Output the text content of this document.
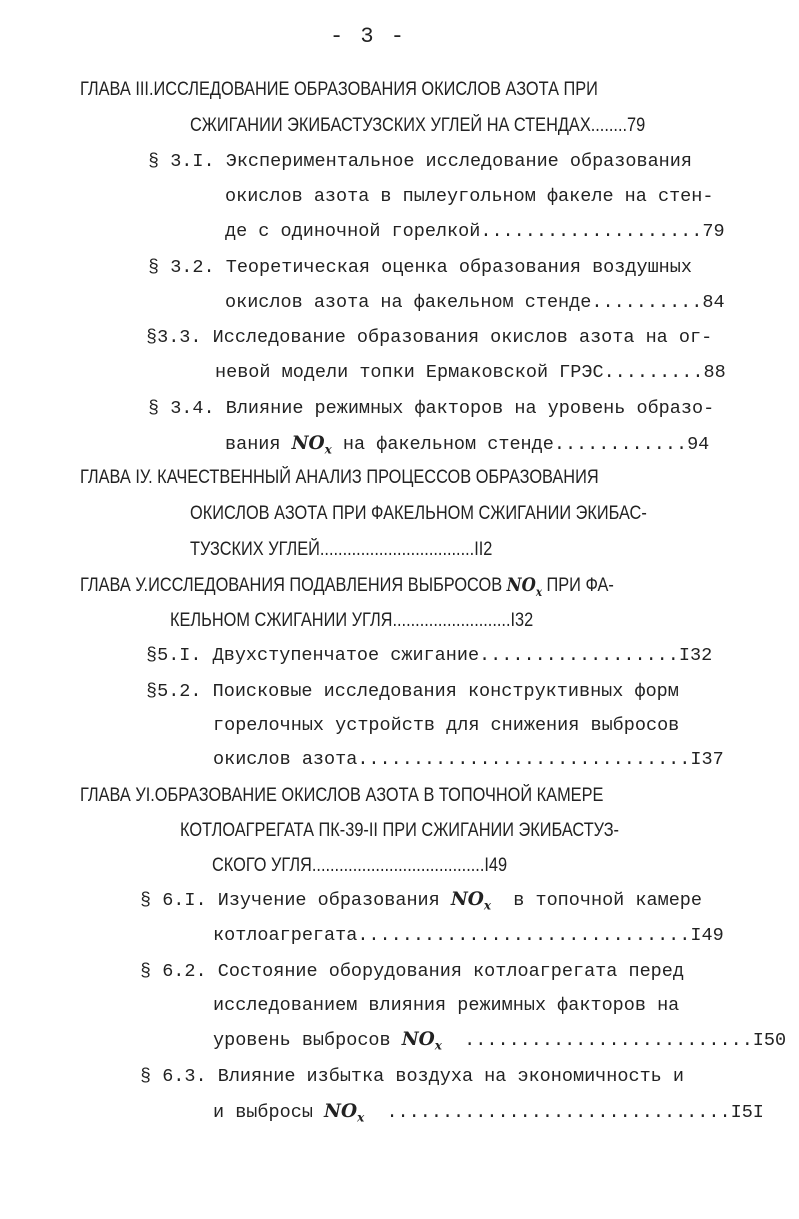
- 3 -
ГЛАВА III.ИССЛЕДОВАНИЕ ОБРАЗОВАНИЯ ОКИСЛОВ АЗОТА ПРИ
СЖИГАНИИ ЭКИБАСТУЗСКИХ УГЛЕЙ НА СТЕНДАХ........79
§ 3.I. Экспериментальное исследование образования
окислов азота в пылеугольном факеле на стен-
де с одиночной горелкой....................79
§ 3.2. Теоретическая оценка образования воздушных
окислов азота на факельном стенде..........84
§3.3. Исследование образования окислов азота на ог-
невой модели топки Ермаковской ГРЭС.........88
§ 3.4. Влияние режимных факторов на уровень образо-
вания $NO_x$ на факельном стенде............94
ГЛАВА IУ. КАЧЕСТВЕННЫЙ АНАЛИЗ ПРОЦЕССОВ ОБРАЗОВАНИЯ
ОКИСЛОВ АЗОТА ПРИ ФАКЕЛЬНОМ СЖИГАНИИ ЭКИБАС-
ТУЗСКИХ УГЛЕЙ..................................II2
ГЛАВА У.ИССЛЕДОВАНИЯ ПОДАВЛЕНИЯ ВЫБРОСОВ $NO_x$ ПРИ ФА-
КЕЛЬНОМ СЖИГАНИИ УГЛЯ..........................I32
§5.I. Двухступенчатое сжигание..................I32
§5.2. Поисковые исследования конструктивных форм
горелочных устройств для снижения выбросов
окислов азота..............................I37
ГЛАВА УI.ОБРАЗОВАНИЕ ОКИСЛОВ АЗОТА В ТОПОЧНОЙ КАМЕРЕ
КОТЛОАГРЕГАТА ПК-39-II ПРИ СЖИГАНИИ ЭКИБАСТУЗ-
СКОГО УГЛЯ......................................I49
§ 6.I. Изучение образования $NO_x$ в топочной камере
котлоагрегата..............................I49
§ 6.2. Состояние оборудования котлоагрегата перед
исследованием влияния режимных факторов на
уровень выбросов $NO_x$ ..........................I50
§ 6.3. Влияние избытка воздуха на экономичность и
и выбросы $NO_x$ ...............................I5I
